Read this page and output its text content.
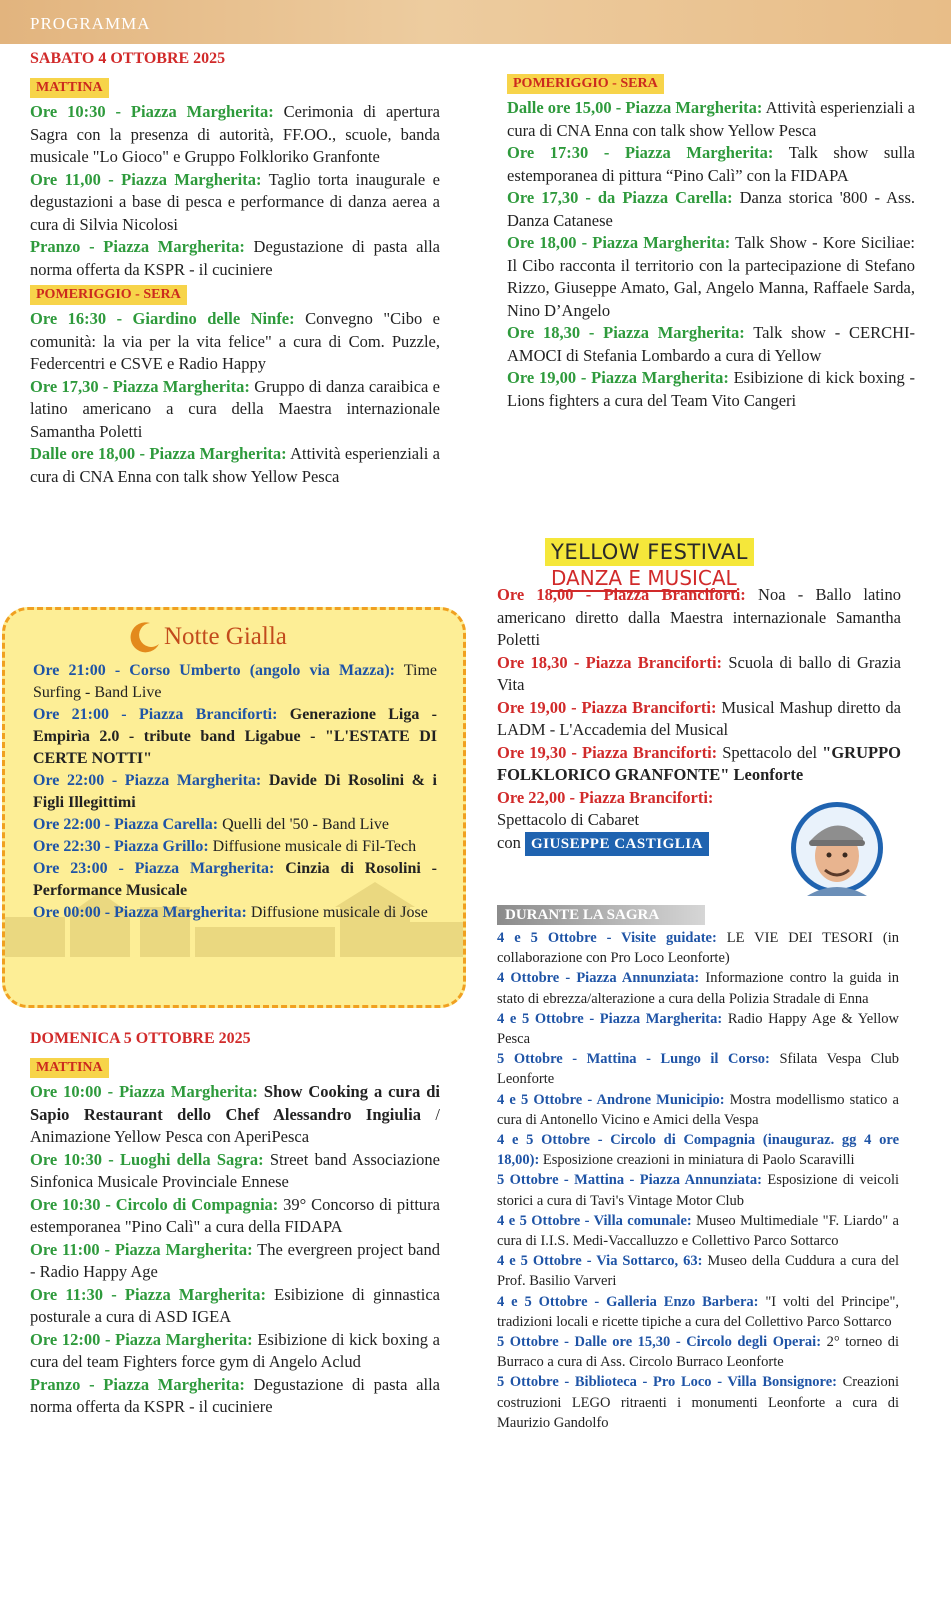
PROGRAMMA
SABATO 4 OTTOBRE 2025
MATTINA

Ore 10:30 - Piazza Margherita: Cerimonia di apertura Sagra con la presenza di autorità, FF.OO., scuole, banda musicale "Lo Gioco" e Gruppo Folkloriko Granfonte

Ore 11,00 - Piazza Margherita: Taglio torta inaugurale e degustazioni a base di pesca e performance di danza aerea a cura di Silvia Nicolosi

Pranzo - Piazza Margherita: Degustazione di pasta alla norma offerta da KSPR - il cuciniere

POMERIGGIO - SERA

Ore 16:30 - Giardino delle Ninfe: Convegno "Cibo e comunità: la via per la vita felice" a cura di Com. Puzzle, Federcentri e CSVE e Radio Happy

Ore 17,30 - Piazza Margherita: Gruppo di danza caraibica e latino americano a cura della Maestra internazionale Samantha Poletti

Dalle ore 18,00 - Piazza Margherita: Attività esperienziali a cura di CNA Enna con talk show Yellow Pesca

Notte Gialla

Ore 21:00 - Corso Umberto (angolo via Mazza): Time Surfing - Band Live

Ore 21:00 - Piazza Branciforti: Generazione Liga - Empirìa 2.0 - tribute band Ligabue - "L'ESTATE DI CERTE NOTTI"

Ore 22:00 - Piazza Margherita: Davide Di Rosolini & i Figli Illegittimi

Ore 22:00 - Piazza Carella: Quelli del '50 - Band Live

Ore 22:30 - Piazza Grillo: Diffusione musicale di Fil-Tech

Ore 23:00 - Piazza Margherita: Cinzia di Rosolini - Performance Musicale

Ore 00:00 - Piazza Margherita: Diffusione musicale di Jose

DOMENICA 5 OTTOBRE 2025
MATTINA

Ore 10:00 - Piazza Margherita: Show Cooking a cura di Sapio Restaurant dello Chef Alessandro Ingiulia / Animazione Yellow Pesca con AperiPesca

Ore 10:30 - Luoghi della Sagra: Street band Associazione Sinfonica Musicale Provinciale Ennese

Ore 10:30 - Circolo di Compagnia: 39° Concorso di pittura estemporanea "Pino Calì" a cura della FIDAPA

Ore 11:00 - Piazza Margherita: The evergreen project band - Radio Happy Age

Ore 11:30 - Piazza Margherita: Esibizione di ginnastica posturale a cura di ASD IGEA

Ore 12:00 - Piazza Margherita: Esibizione di kick boxing a cura del team Fighters force gym di Angelo Aclud

Pranzo - Piazza Margherita: Degustazione di pasta alla norma offerta da KSPR - il cuciniere

POMERIGGIO - SERA

Dalle ore 15,00 - Piazza Margherita: Attività esperienziali a cura di CNA Enna con talk show Yellow Pesca

Ore 17:30 - Piazza Margherita: Talk show sulla estemporanea di pittura “Pino Calì” con la FIDAPA

Ore 17,30 - da Piazza Carella: Danza storica '800 - Ass. Danza Catanese

Ore 18,00 - Piazza Margherita: Talk Show - Kore Siciliae: Il Cibo racconta il territorio con la partecipazione di Stefano Rizzo, Giuseppe Amato, Gal, Angelo Manna, Raffaele Sarda, Nino D’Angelo

Ore 18,30 - Piazza Margherita: Talk show - CERCHI-AMOCI di Stefania Lombardo a cura di Yellow

Ore 19,00 - Piazza Margherita: Esibizione di kick boxing - Lions fighters a cura del Team Vito Cangeri

YELLOW FESTIVAL DANZA E MUSICAL

Ore 18,00 - Piazza Branciforti: Noa - Ballo latino americano diretto dalla Maestra internazionale Samantha Poletti

Ore 18,30 - Piazza Branciforti: Scuola di ballo di Grazia Vita

Ore 19,00 - Piazza Branciforti: Musical Mashup diretto da LADM - L'Accademia del Musical

Ore 19,30 - Piazza Branciforti: Spettacolo del "GRUPPO FOLKLORICO GRANFONTE" Leonforte

Ore 22,00 - Piazza Branciforti:
Spettacolo di Cabaret
con GIUSEPPE CASTIGLIA

DURANTE LA SAGRA

4 e 5 Ottobre - Visite guidate: LE VIE DEI TESORI (in collaborazione con Pro Loco Leonforte)

4 Ottobre - Piazza Annunziata: Informazione contro la guida in stato di ebrezza/alterazione a cura della Polizia Stradale di Enna

4 e 5 Ottobre - Piazza Margherita: Radio Happy Age & Yellow Pesca

5 Ottobre - Mattina - Lungo il Corso: Sfilata Vespa Club Leonforte

4 e 5 Ottobre - Androne Municipio: Mostra modellismo statico a cura di Antonello Vicino e Amici della Vespa

4 e 5 Ottobre - Circolo di Compagnia (inauguraz. gg 4 ore 18,00): Esposizione creazioni in miniatura di Paolo Scaravilli

5 Ottobre - Mattina - Piazza Annunziata: Esposizione di veicoli storici a cura di Tavi's Vintage Motor Club

4 e 5 Ottobre - Villa comunale: Museo Multimediale "F. Liardo" a cura di I.I.S. Medi-Vaccalluzzo e Collettivo Parco Sottarco

4 e 5 Ottobre - Via Sottarco, 63: Museo della Cuddura a cura del Prof. Basilio Varveri

4 e 5 Ottobre - Galleria Enzo Barbera: "I volti del Principe", tradizioni locali e ricette tipiche a cura del Collettivo Parco Sottarco

5 Ottobre - Dalle ore 15,30 - Circolo degli Operai: 2° torneo di Burraco a cura di Ass. Circolo Burraco Leonforte

5 Ottobre - Biblioteca - Pro Loco - Villa Bonsignore: Creazioni costruzioni LEGO ritraenti i monumenti Leonforte a cura di Maurizio Gandolfo
